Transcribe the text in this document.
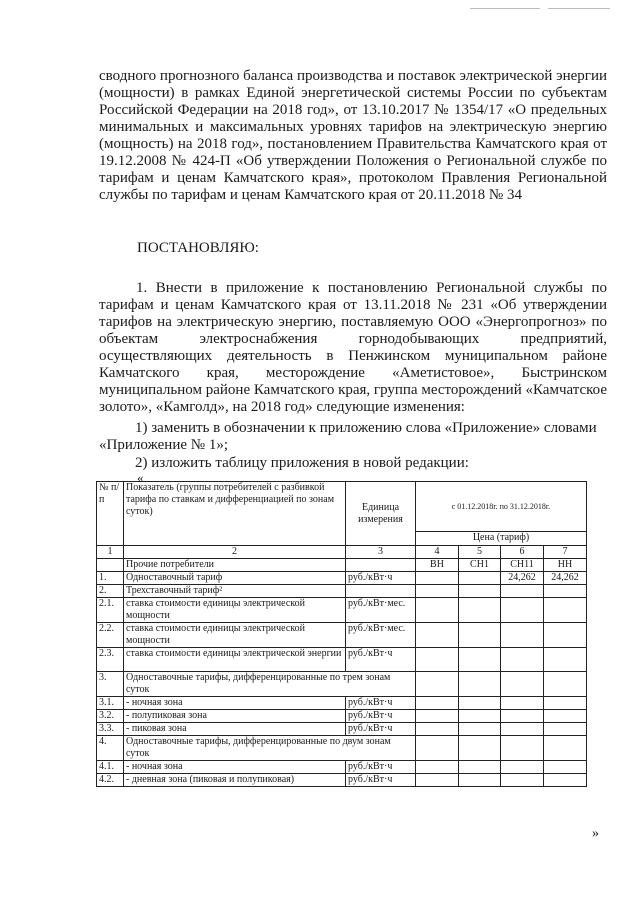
сводного прогнозного баланса производства и поставок электрической энергии (мощности) в рамках Единой энергетической системы России по субъектам Российской Федерации на 2018 год», от 13.10.2017 № 1354/17 «О предельных минимальных и максимальных уровнях тарифов на электрическую энергию (мощность) на 2018 год», постановлением Правительства Камчатского края от 19.12.2008 № 424-П «Об утверждении Положения о Региональной службе по тарифам и ценам Камчатского края», протоколом Правления Региональной службы по тарифам и ценам Камчатского края от 20.11.2018 № 34
ПОСТАНОВЛЯЮ:
1. Внести в приложение к постановлению Региональной службы по тарифам и ценам Камчатского края от 13.11.2018 № 231 «Об утверждении тарифов на электрическую энергию, поставляемую ООО «Энергопрогноз» по объектам электроснабжения горнодобывающих предприятий, осуществляющих деятельность в Пенжинском муниципальном районе Камчатского края, месторождение «Аметистовое», Быстринском муниципальном районе Камчатского края, группа месторождений «Камчатское золото», «Камголд», на 2018 год» следующие изменения:
1) заменить в обозначении к приложению слова «Приложение» словами
«Приложение № 1»;
2) изложить таблицу приложения в новой редакции:
«
№ п/п	Показатель (группы потребителей с разбивкой тарифа по ставкам и дифференциацией по зонам суток)	Единица измерения	с 01.12.2018г. по 31.12.2018г.			
			Цена (тариф)			
1	2	3	4	5	6	7
	Прочие потребители		ВН	СН1	СН11	НН
1.	Одноставочный тариф	руб./кВт·ч			24,262	24,262
2.	Трехставочный тариф²					
2.1.	ставка стоимости единицы электрической мощности	руб./кВт·мес.				
2.2.	ставка стоимости единицы электрической мощности	руб./кВт·мес.				
2.3.	ставка стоимости единицы электрической энергии	руб./кВт·ч				
3.	Одноставочные тарифы, дифференцированные по трем зонам суток					
3.1.	- ночная зона	руб./кВт·ч				
3.2.	- полупиковая зона	руб./кВт·ч				
3.3.	- пиковая зона	руб./кВт·ч				
4.	Одноставочные тарифы, дифференцированные по двум зонам суток					
4.1.	- ночная зона	руб./кВт·ч				
4.2.	- дневная зона (пиковая и полупиковая)	руб./кВт·ч				
»
